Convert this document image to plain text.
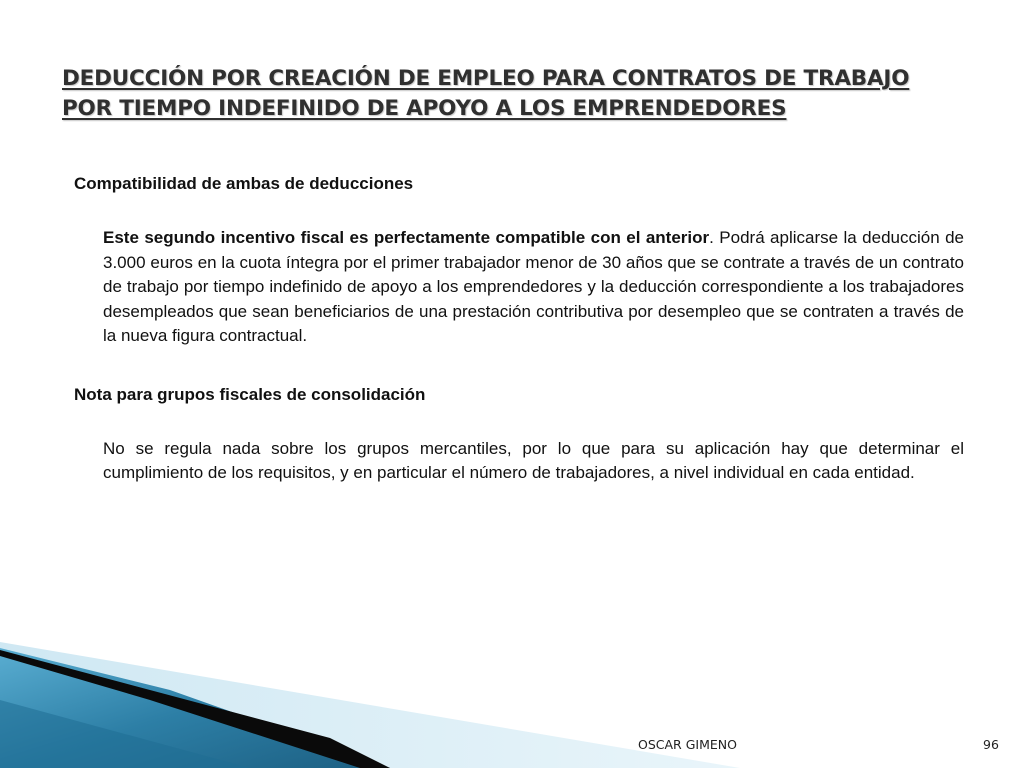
DEDUCCIÓN POR CREACIÓN DE EMPLEO PARA CONTRATOS DE TRABAJO
POR TIEMPO INDEFINIDO DE APOYO A LOS EMPRENDEDORES

Compatibilidad de ambas de deducciones

Este segundo incentivo fiscal es perfectamente compatible con el anterior. Podrá aplicarse la deducción de 3.000 euros en la cuota íntegra por el primer trabajador menor de 30 años que se contrate a través de un contrato de trabajo por tiempo indefinido de apoyo a los emprendedores y la deducción correspondiente a los trabajadores desempleados que sean beneficiarios de una prestación contributiva por desempleo que se contraten a través de la nueva figura contractual.

Nota para grupos fiscales de consolidación

No se regula nada sobre los grupos mercantiles, por lo que para su aplicación hay que determinar el cumplimiento de los requisitos, y en particular el número de trabajadores, a nivel individual en cada entidad.

OSCAR GIMENO	96
